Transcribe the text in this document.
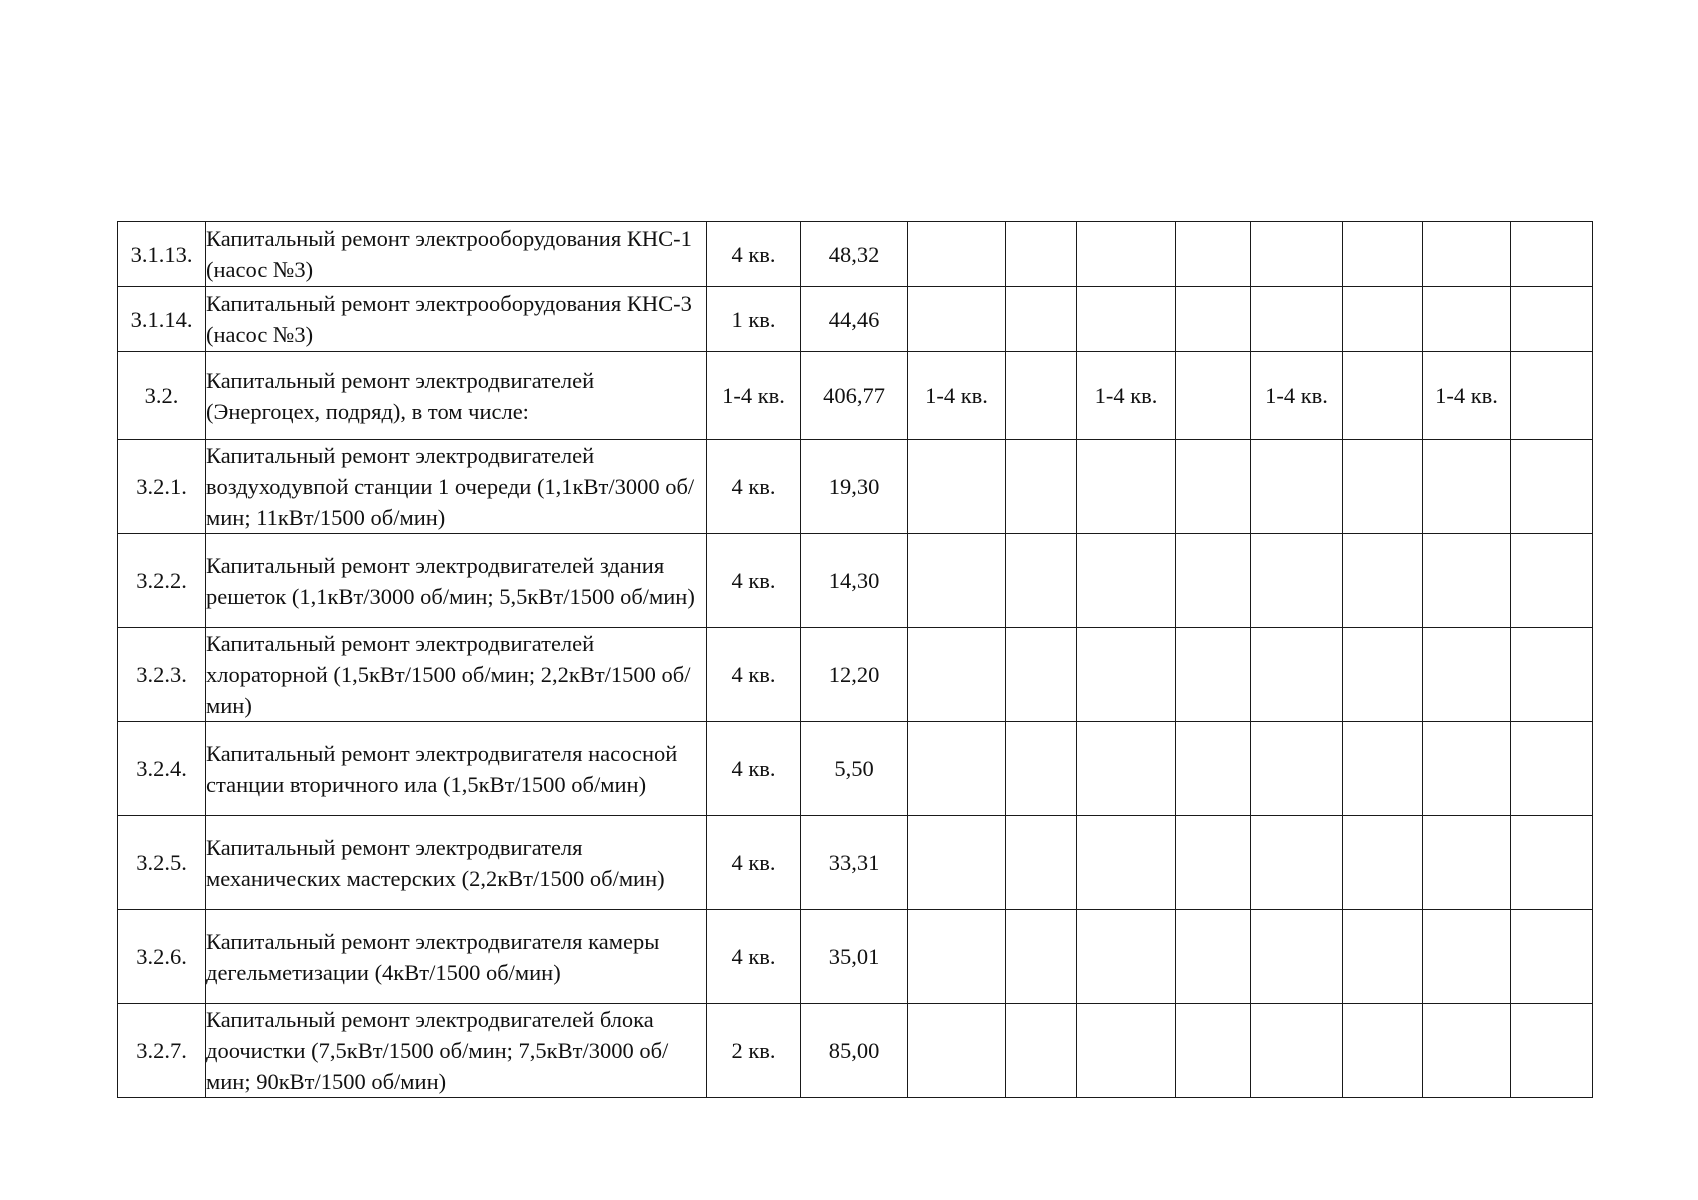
3.1.13.	Капитальный ремонт электрооборудования КНС-1 (насос №3)	4 кв.	48,32								
3.1.14.	Капитальный ремонт электрооборудования КНС-3 (насос №3)	1 кв.	44,46								
3.2.	Капитальный ремонт электродвигателей (Энергоцех, подряд), в том числе:	1-4 кв.	406,77	1-4 кв.		1-4 кв.		1-4 кв.		1-4 кв.	
3.2.1.	Капитальный ремонт электродвигателей воздуходувпой станции 1 очереди (1,1кВт/3000 об/мин; 11кВт/1500 об/мин)	4 кв.	19,30								
3.2.2.	Капитальный ремонт электродвигателей здания решеток (1,1кВт/3000 об/мин; 5,5кВт/1500 об/мин)	4 кв.	14,30								
3.2.3.	Капитальный ремонт электродвигателей хлораторной (1,5кВт/1500 об/мин; 2,2кВт/1500 об/мин)	4 кв.	12,20								
3.2.4.	Капитальный ремонт электродвигателя насосной станции вторичного ила (1,5кВт/1500 об/мин)	4 кв.	5,50								
3.2.5.	Капитальный ремонт электродвигателя механических мастерских (2,2кВт/1500 об/мин)	4 кв.	33,31								
3.2.6.	Капитальный ремонт электродвигателя камеры дегельметизации (4кВт/1500 об/мин)	4 кв.	35,01								
3.2.7.	Капитальный ремонт электродвигателей блока доочистки (7,5кВт/1500 об/мин; 7,5кВт/3000 об/мин; 90кВт/1500 об/мин)	2 кв.	85,00								
